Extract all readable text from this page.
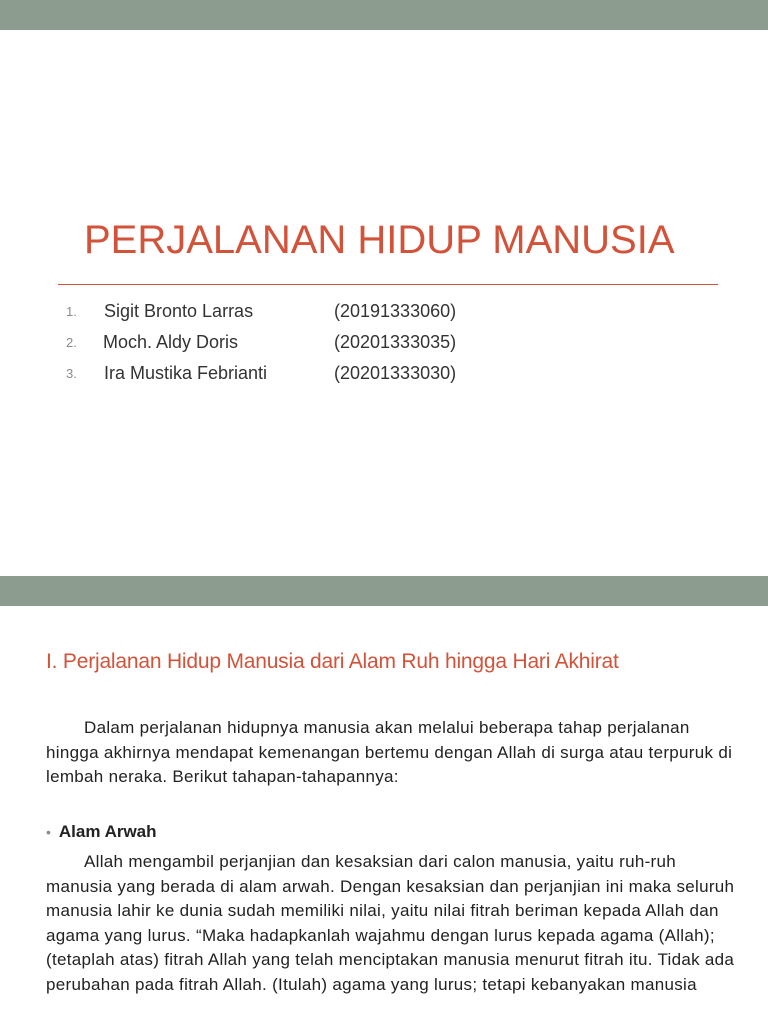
PERJALANAN HIDUP MANUSIA
1. Sigit Bronto Larras	(20191333060)
2. Moch. Aldy Doris	(20201333035)
3. Ira Mustika Febrianti	(20201333030)
I. Perjalanan Hidup Manusia dari Alam Ruh hingga Hari Akhirat

Dalam perjalanan hidupnya manusia akan melalui beberapa tahap perjalanan hingga akhirnya mendapat kemenangan bertemu dengan Allah di surga atau terpuruk di lembah neraka. Berikut tahapan-tahapannya:

• Alam Arwah

Allah mengambil perjanjian dan kesaksian dari calon manusia, yaitu ruh-ruh manusia yang berada di alam arwah. Dengan kesaksian dan perjanjian ini maka seluruh manusia lahir ke dunia sudah memiliki nilai, yaitu nilai fitrah beriman kepada Allah dan agama yang lurus. “Maka hadapkanlah wajahmu dengan lurus kepada agama (Allah); (tetaplah atas) fitrah Allah yang telah menciptakan manusia menurut fitrah itu. Tidak ada perubahan pada fitrah Allah. (Itulah) agama yang lurus; tetapi kebanyakan manusia
